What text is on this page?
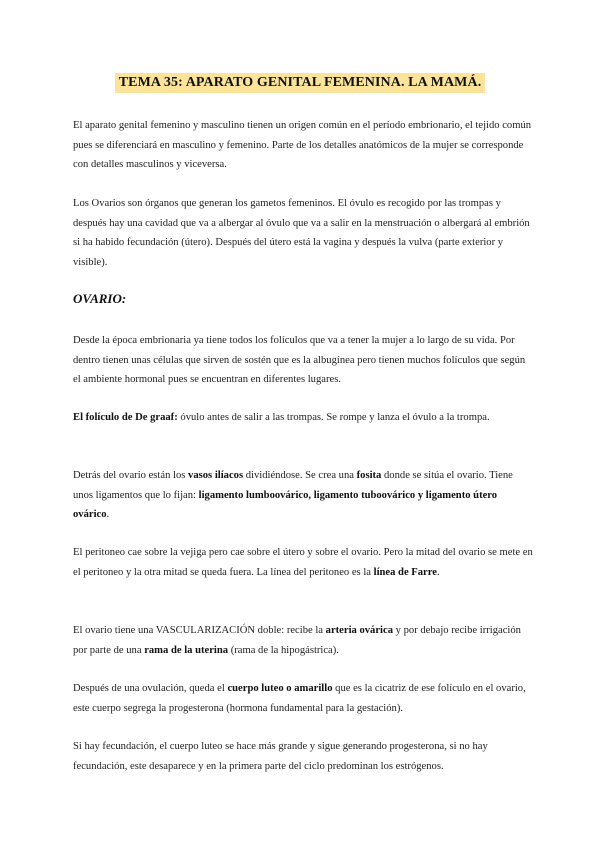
TEMA 35: APARATO GENITAL FEMENINA. LA MAMÁ.
El aparato genital femenino y masculino tienen un origen común en el período embrionario, el tejido común pues se diferenciará en masculino y femenino. Parte de los detalles anatómicos de la mujer se corresponde con detalles masculinos y viceversa.
Los Ovarios son órganos que generan los gametos femeninos. El óvulo es recogido por las trompas y después hay una cavidad que va a albergar al óvulo que va a salir en la menstruación o albergará al embrión si ha habido fecundación (útero). Después del útero está la vagina y después la vulva (parte exterior y visible).
OVARIO:
Desde la época embrionaria ya tiene todos los folículos que va a tener la mujer a lo largo de su vida. Por dentro tienen unas células que sirven de sostén que es la albugínea pero tienen muchos folículos que según el ambiente hormonal pues se encuentran en diferentes lugares.
El folículo de De graaf: óvulo antes de salir a las trompas. Se rompe y lanza el óvulo a la trompa.
Detrás del ovario están los vasos ilíacos dividiéndose. Se crea una fosita donde se sitúa el ovario. Tiene unos ligamentos que lo fijan: ligamento lumboovárico, ligamento tuboovárico y ligamento útero ovárico.
El peritoneo cae sobre la vejiga pero cae sobre el útero y sobre el ovario. Pero la mitad del ovario se mete en el peritoneo y la otra mitad se queda fuera. La línea del peritoneo es la línea de Farre.
El ovario tiene una VASCULARIZACIÓN doble: recibe la arteria ovárica y por debajo recibe irrigación por parte de una rama de la uterina (rama de la hipogástrica).
Después de una ovulación, queda el cuerpo luteo o amarillo que es la cicatriz de ese folículo en el ovario, este cuerpo segrega la progesterona (hormona fundamental para la gestación).
Si hay fecundación, el cuerpo luteo se hace más grande y sigue generando progesterona, si no hay fecundación, este desaparece y en la primera parte del ciclo predominan los estrógenos.
